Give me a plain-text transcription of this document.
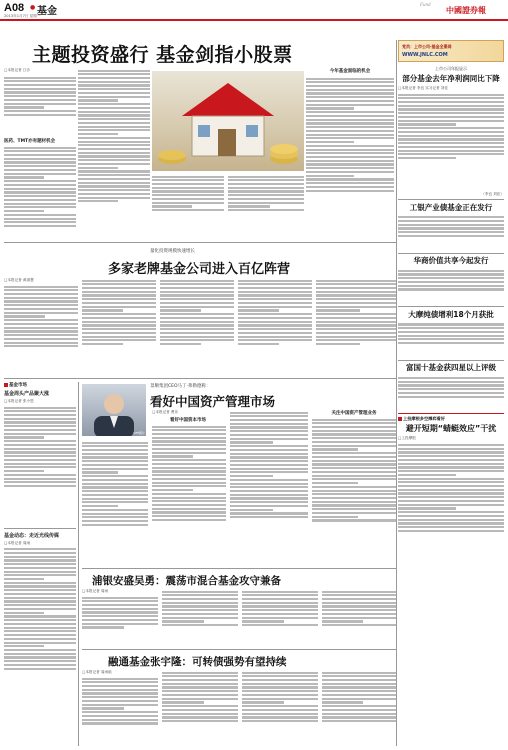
A08 ● 基金
2013年1月7日 星期一
Fund 中國證券報
主题投资盛行 基金剑指小股票
□本报记者 江沙
医药、TMT亦有题材机会
今年基金面临的机会
党员：上市公司·基金全景网
WWW.JNLC.COM
上市公司年报显示
部分基金去年净利润同比下降
□本报记者 李良 实习记者 刘佳
（李良 刘佳）
工银产业债基金正在发行
华商价值共享今起发行
大摩纯债增利18个月获批
富国十基金获四星以上评级
上投摩根多空搏弈看好
避开短期“蜻蜓效应”干扰
□上投摩根
量化投资规模快速增长
多家老牌基金公司进入百亿阵营
□本报记者 黄淑慧
基金市场
基金周头产品聚大涨
□本报记者 张小恩
基金动态：走近光线传媒
□本报记者 周雨
景顺集团CEO马丁·弗勒德称：
看好中国资产管理市场
CFP图片
□本报记者 曹乐
看好中国资本市场
关注中国资产管理业务
浦银安盛吴勇：震荡市混合基金攻守兼备
□本报记者 周雨
融通基金张宇隆：可转债强势有望持续
□本报记者 周雨晗
